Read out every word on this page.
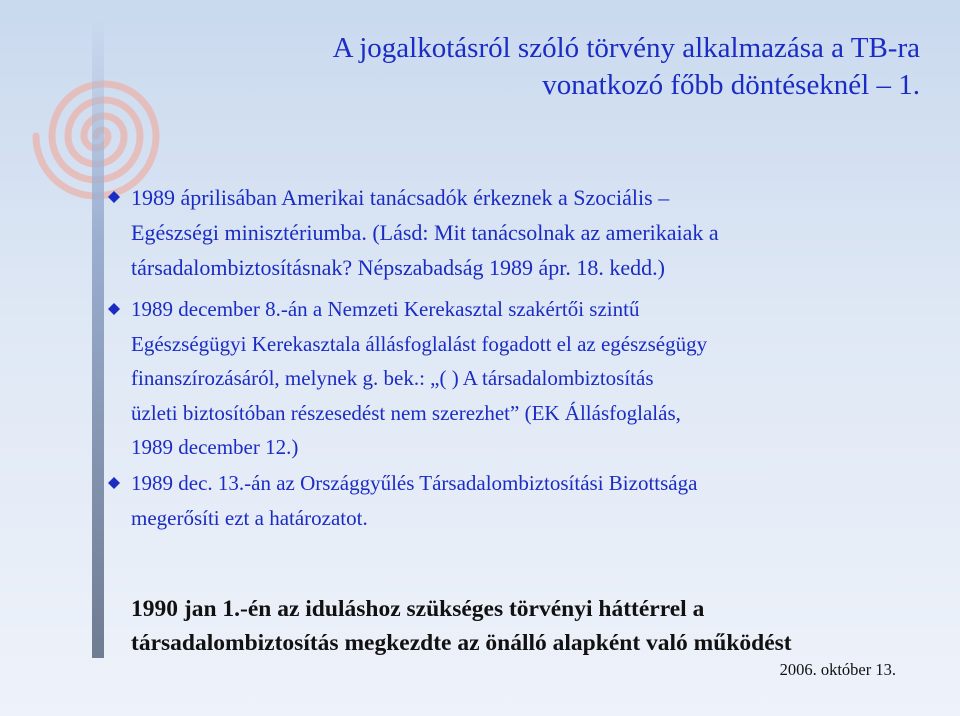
A jogalkotásról szóló törvény alkalmazása a TB-ra
vonatkozó főbb döntéseknél – 1.
1989 áprilisában Amerikai tanácsadók érkeznek a Szociális –
Egészségi minisztériumba. (Lásd: Mit tanácsolnak az amerikaiak a
társadalombiztosításnak? Népszabadság 1989 ápr. 18. kedd.)
1989 december 8.-án a Nemzeti Kerekasztal szakértői szintű
Egészségügyi Kerekasztala állásfoglalást fogadott el az egészségügy
finanszírozásáról, melynek g. bek.: „( ) A társadalombiztosítás
üzleti biztosítóban részesedést nem szerezhet” (EK Állásfoglalás,
1989 december 12.)
1989 dec. 13.-án az Országgyűlés Társadalombiztosítási Bizottsága
megerősíti ezt a határozatot.
1990 jan 1.-én az iduláshoz szükséges törvényi háttérrel a
társadalombiztosítás megkezdte az önálló alapként való működést
2006. október 13.
